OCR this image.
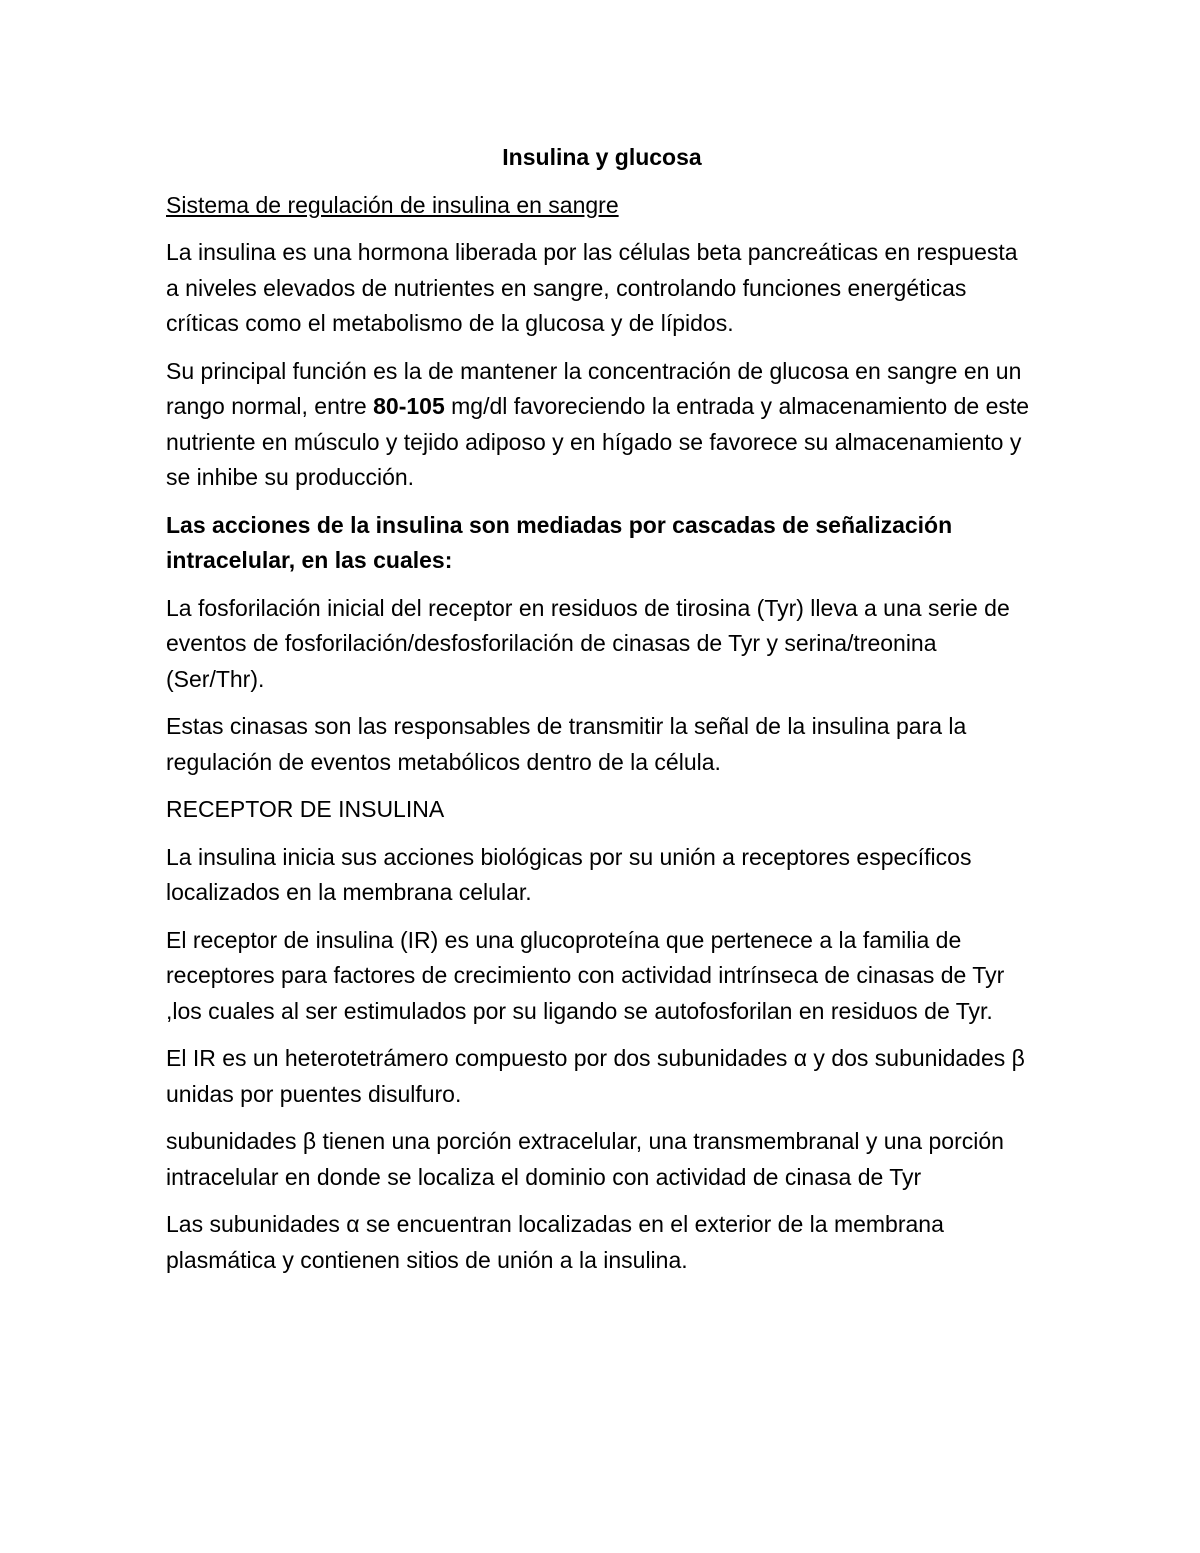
Insulina y glucosa
Sistema de regulación de insulina en sangre
La insulina es una hormona liberada por las células beta pancreáticas en respuesta a niveles elevados de nutrientes en sangre, controlando funciones energéticas críticas como el metabolismo de la glucosa y de lípidos.
Su principal función es la de mantener la concentración de glucosa en sangre en un rango normal, entre 80-105 mg/dl favoreciendo la entrada y almacenamiento de este nutriente en músculo y tejido adiposo y en hígado se favorece su almacenamiento y se inhibe su producción.
Las acciones de la insulina son mediadas por cascadas de señalización intracelular, en las cuales:
La fosforilación inicial del receptor en residuos de tirosina (Tyr) lleva a una serie de eventos de fosforilación/desfosforilación de cinasas de Tyr y serina/treonina (Ser/Thr).
Estas cinasas son las responsables de transmitir la señal de la insulina para la regulación de eventos metabólicos dentro de la célula.
RECEPTOR DE INSULINA
La insulina inicia sus acciones biológicas por su unión a receptores específicos localizados en la membrana celular.
El receptor de insulina (IR) es una glucoproteína que pertenece a la familia de receptores para factores de crecimiento con actividad intrínseca de cinasas de Tyr ,los cuales al ser estimulados por su ligando se autofosforilan en residuos de Tyr.
El IR es un heterotetrámero compuesto por dos subunidades α y dos subunidades β unidas por puentes disulfuro.
subunidades β tienen una porción extracelular, una transmembranal y una porción intracelular en donde se localiza el dominio con actividad de cinasa de Tyr
Las subunidades α se encuentran localizadas en el exterior de la membrana plasmática y contienen sitios de unión a la insulina.
